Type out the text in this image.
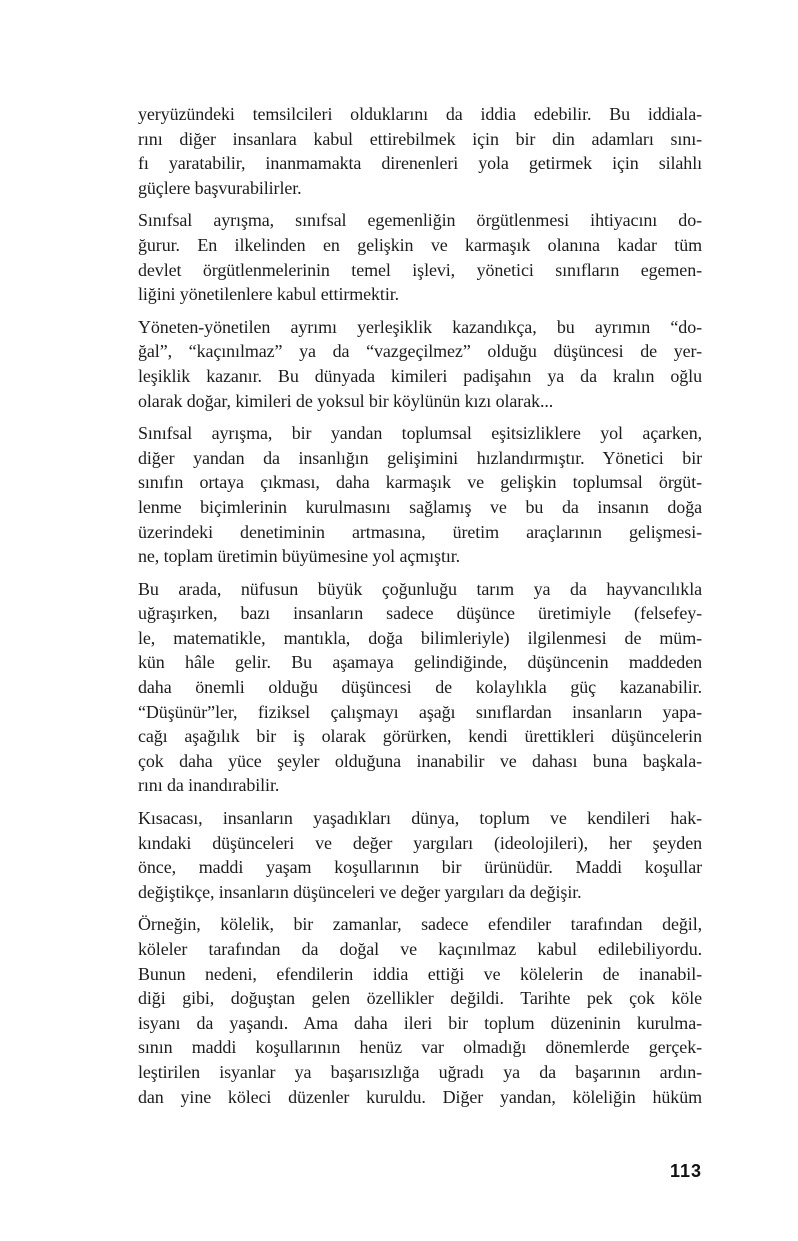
yeryüzündeki temsilcileri olduklarını da iddia edebilir. Bu iddiala-
rını diğer insanlara kabul ettirebilmek için bir din adamları sını-
fı yaratabilir, inanmamakta direnenleri yola getirmek için silahlı
güçlere başvurabilirler.
Sınıfsal ayrışma, sınıfsal egemenliğin örgütlenmesi ihtiyacını do-
ğurur. En ilkelinden en gelişkin ve karmaşık olanına kadar tüm
devlet örgütlenmelerinin temel işlevi, yönetici sınıfların egemen-
liğini yönetilenlere kabul ettirmektir.
Yöneten-yönetilen ayrımı yerleşiklik kazandıkça, bu ayrımın “do-
ğal”, “kaçınılmaz” ya da “vazgeçilmez” olduğu düşüncesi de yer-
leşiklik kazanır. Bu dünyada kimileri padişahın ya da kralın oğlu
olarak doğar, kimileri de yoksul bir köylünün kızı olarak...
Sınıfsal ayrışma, bir yandan toplumsal eşitsizliklere yol açarken,
diğer yandan da insanlığın gelişimini hızlandırmıştır. Yönetici bir
sınıfın ortaya çıkması, daha karmaşık ve gelişkin toplumsal örgüt-
lenme biçimlerinin kurulmasını sağlamış ve bu da insanın doğa
üzerindeki denetiminin artmasına, üretim araçlarının gelişmesi-
ne, toplam üretimin büyümesine yol açmıştır.
Bu arada, nüfusun büyük çoğunluğu tarım ya da hayvancılıkla
uğraşırken, bazı insanların sadece düşünce üretimiyle (felsefey-
le, matematikle, mantıkla, doğa bilimleriyle) ilgilenmesi de müm-
kün hâle gelir. Bu aşamaya gelindiğinde, düşüncenin maddeden
daha önemli olduğu düşüncesi de kolaylıkla güç kazanabilir.
“Düşünür”ler, fiziksel çalışmayı aşağı sınıflardan insanların yapa-
cağı aşağılık bir iş olarak görürken, kendi ürettikleri düşüncelerin
çok daha yüce şeyler olduğuna inanabilir ve dahası buna başkala-
rını da inandırabilir.
Kısacası, insanların yaşadıkları dünya, toplum ve kendileri hak-
kındaki düşünceleri ve değer yargıları (ideolojileri), her şeyden
önce, maddi yaşam koşullarının bir ürünüdür. Maddi koşullar
değiştikçe, insanların düşünceleri ve değer yargıları da değişir.
Örneğin, kölelik, bir zamanlar, sadece efendiler tarafından değil,
köleler tarafından da doğal ve kaçınılmaz kabul edilebiliyordu.
Bunun nedeni, efendilerin iddia ettiği ve kölelerin de inanabil-
diği gibi, doğuştan gelen özellikler değildi. Tarihte pek çok köle
isyanı da yaşandı. Ama daha ileri bir toplum düzeninin kurulma-
sının maddi koşullarının henüz var olmadığı dönemlerde gerçek-
leştirilen isyanlar ya başarısızlığa uğradı ya da başarının ardın-
dan yine köleci düzenler kuruldu. Diğer yandan, köleliğin hüküm
113
